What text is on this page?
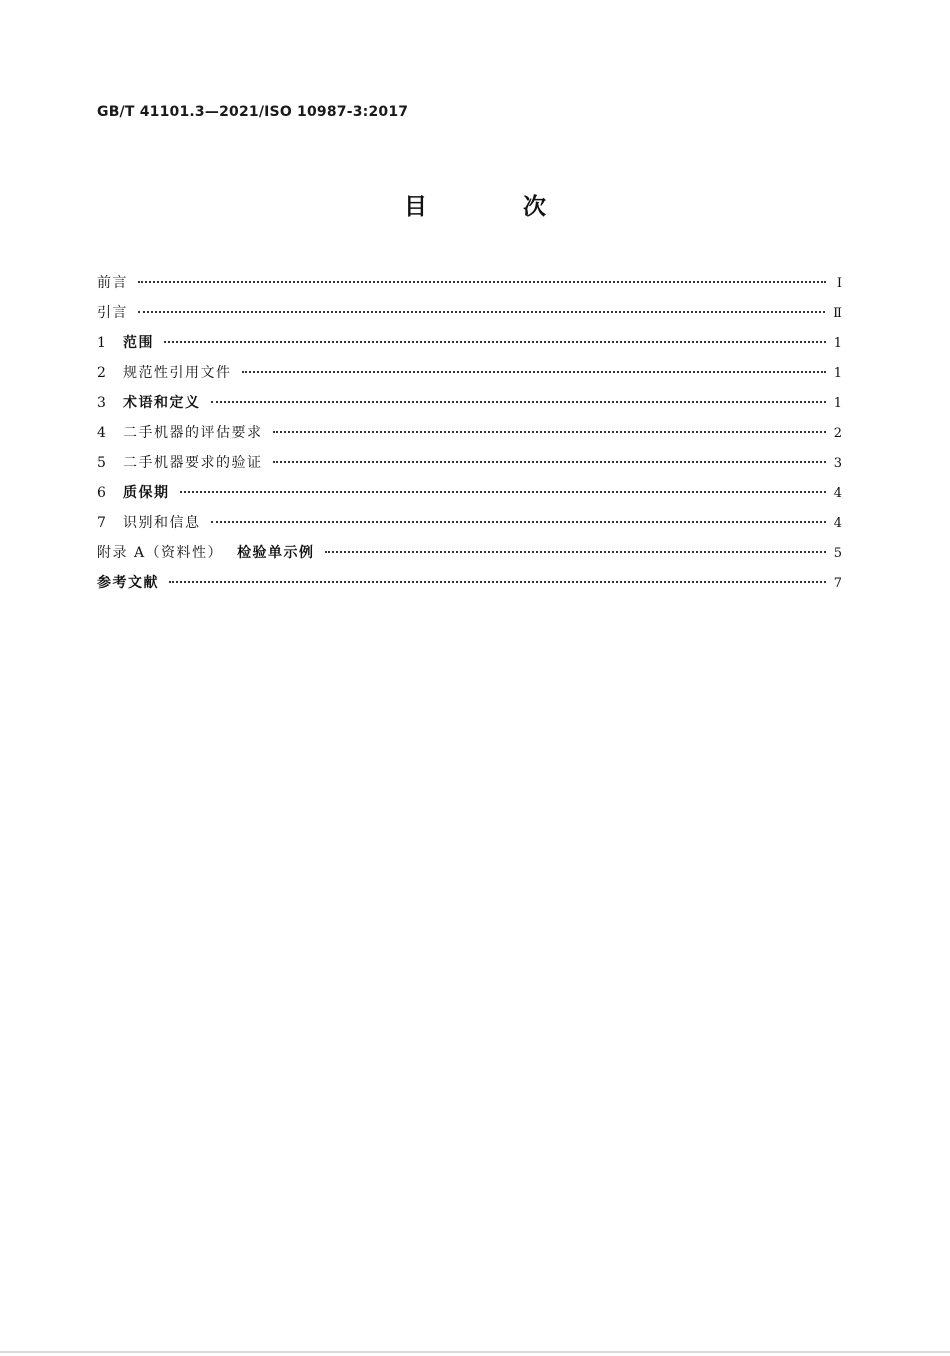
GB/T 41101.3—2021/ISO 10987-3:2017
目 次
前言	Ⅰ
引言	Ⅱ
1	范围	1
2	规范性引用文件	1
3	术语和定义	1
4	二手机器的评估要求	2
5	二手机器要求的验证	3
6	质保期	4
7	识别和信息	4
附录 A（资料性） 检验单示例	5
参考文献	7
